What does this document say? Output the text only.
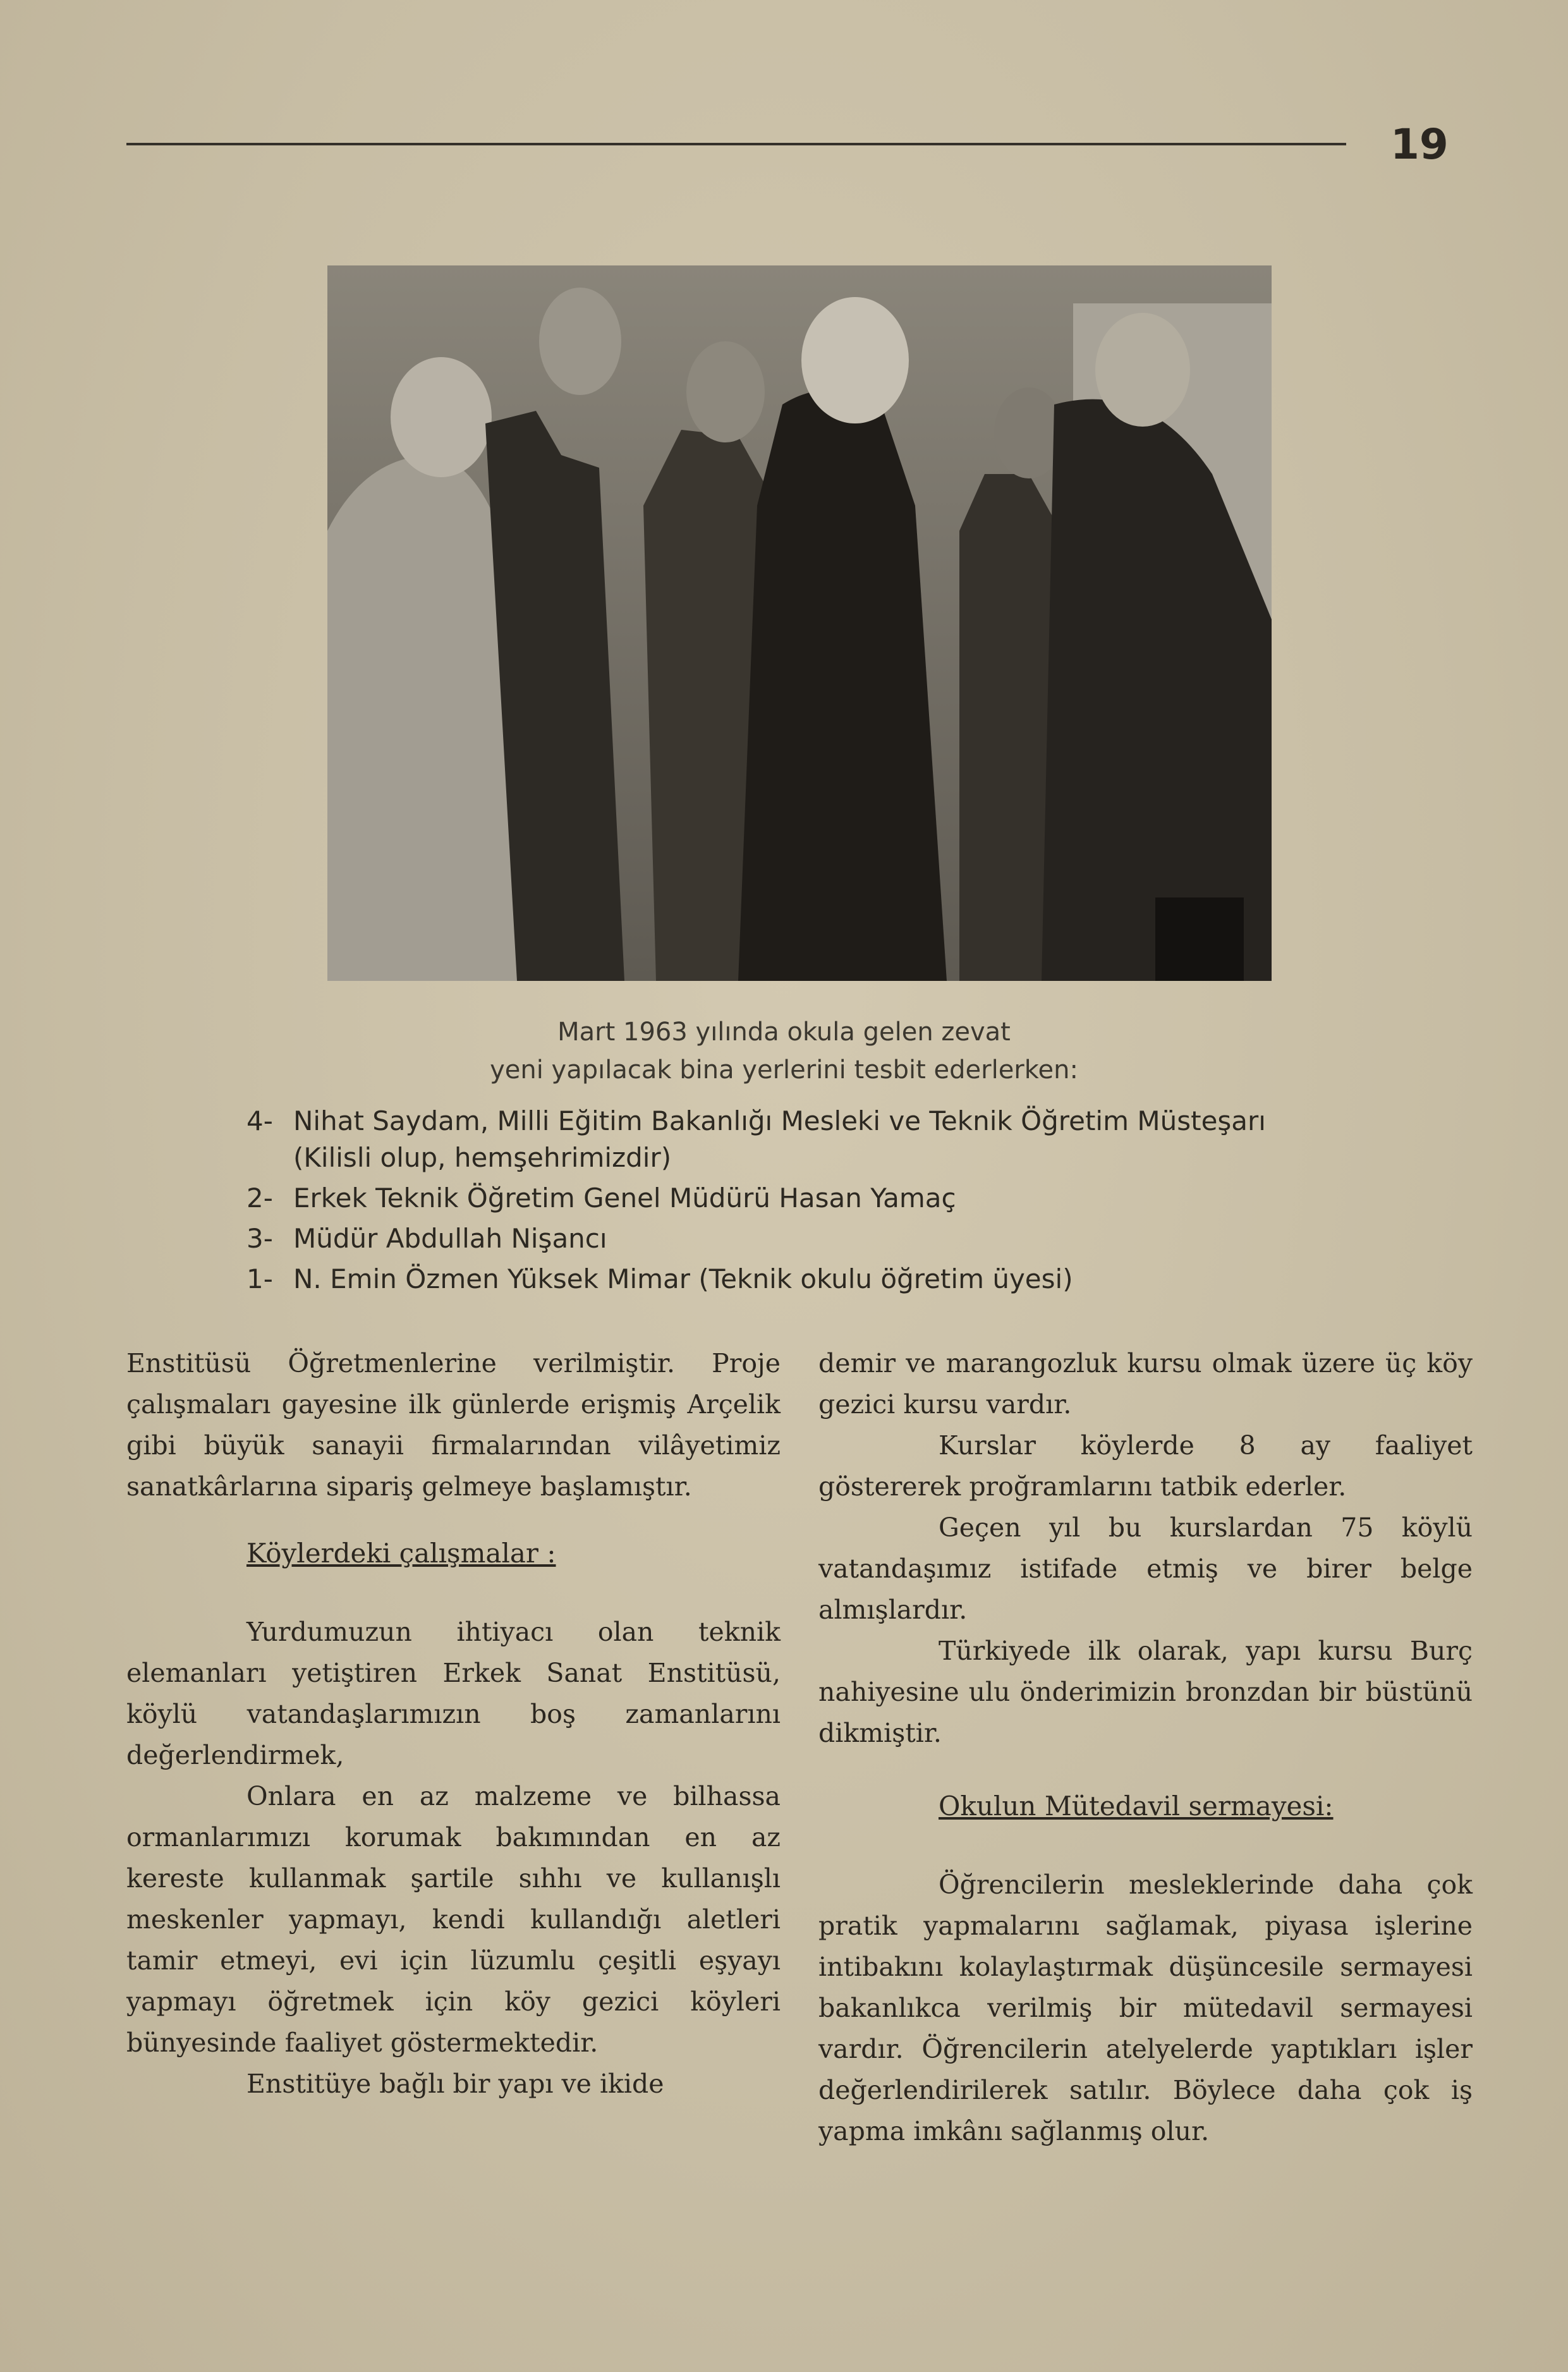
19
Mart 1963 yılında okula gelen zevat
yeni yapılacak bina yerlerini tesbit ederlerken:
4- Nihat Saydam, Milli Eğitim Bakanlığı Mesleki ve Teknik Öğretim Müsteşarı (Kilisli olup, hemşehrimizdir)
2- Erkek Teknik Öğretim Genel Müdürü Hasan Yamaç
3- Müdür Abdullah Nişancı
1- N. Emin Özmen Yüksek Mimar (Teknik okulu öğretim üyesi)

Enstitüsü Öğretmenlerine verilmiştir. Proje çalışmaları gayesine ilk günlerde erişmiş Arçelik gibi büyük sanayii firmalarından vilâyetimiz sanatkârlarına sipariş gelmeye başlamıştır.

Köylerdeki çalışmalar :

Yurdumuzun ihtiyacı olan teknik elemanları yetiştiren Erkek Sanat Enstitüsü, köylü vatandaşlarımızın boş zamanlarını değerlendirmek,

Onlara en az malzeme ve bilhassa ormanlarımızı korumak bakımından en az kereste kullanmak şartile sıhhı ve kullanışlı meskenler yapmayı, kendi kullandığı aletleri tamir etmeyi, evi için lüzumlu çeşitli eşyayı yapmayı öğretmek için köy gezici köyleri bünyesinde faaliyet göstermektedir.

Enstitüye bağlı bir yapı ve ikide

demir ve marangozluk kursu olmak üzere üç köy gezici kursu vardır.

Kurslar köylerde 8 ay faaliyet göstererek proğramlarını tatbik ederler.

Geçen yıl bu kurslardan 75 köylü vatandaşımız istifade etmiş ve birer belge almışlardır.

Türkiyede ilk olarak, yapı kursu Burç nahiyesine ulu önderimizin bronzdan bir büstünü dikmiştir.

Okulun Mütedavil sermayesi:

Öğrencilerin mesleklerinde daha çok pratik yapmalarını sağlamak, piyasa işlerine intibakını kolaylaştırmak düşüncesile sermayesi bakanlıkca verilmiş bir mütedavil sermayesi vardır. Öğrencilerin atelyelerde yaptıkları işler değerlendirilerek satılır. Böylece daha çok iş yapma imkânı sağlanmış olur.
